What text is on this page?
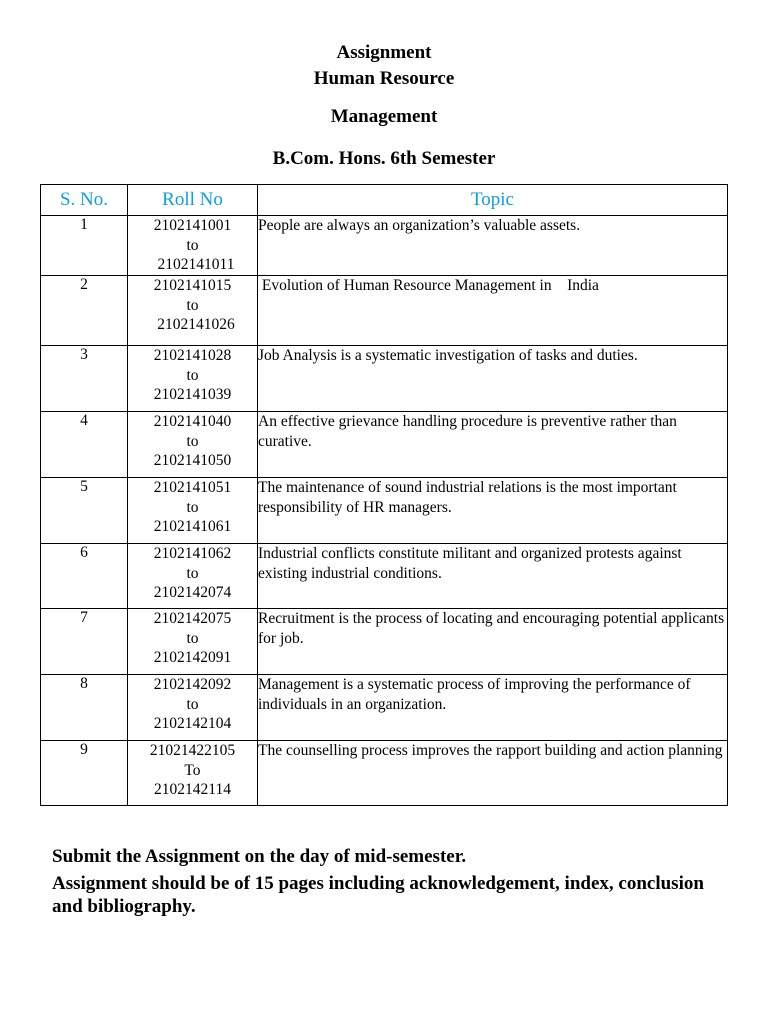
Assignment
Human Resource
Management
B.Com. Hons. 6th Semester
S. No.	Roll No	Topic
1	2102141001
to
2102141011	People are always an organization’s valuable assets.
2	2102141015
to
2102141026	Evolution of Human Resource Management in    India
3	2102141028
to
2102141039	Job Analysis is a systematic investigation of tasks and duties.
4	2102141040
to
2102141050	An effective grievance handling procedure is preventive rather than curative.
5	2102141051
to
2102141061	The maintenance of sound industrial relations is the most important responsibility of HR managers.
6	2102141062
to
2102142074	Industrial conflicts constitute militant and organized protests against existing industrial conditions.
7	2102142075
to
2102142091	Recruitment is the process of locating and encouraging potential applicants for job.
8	2102142092
to
2102142104	Management is a systematic process of improving the performance of individuals in an organization.
9	21021422105
To
2102142114	The counselling process improves the rapport building and action planning
Submit the Assignment on the day of mid-semester.
Assignment should be of 15 pages including acknowledgement, index, conclusion and bibliography.
